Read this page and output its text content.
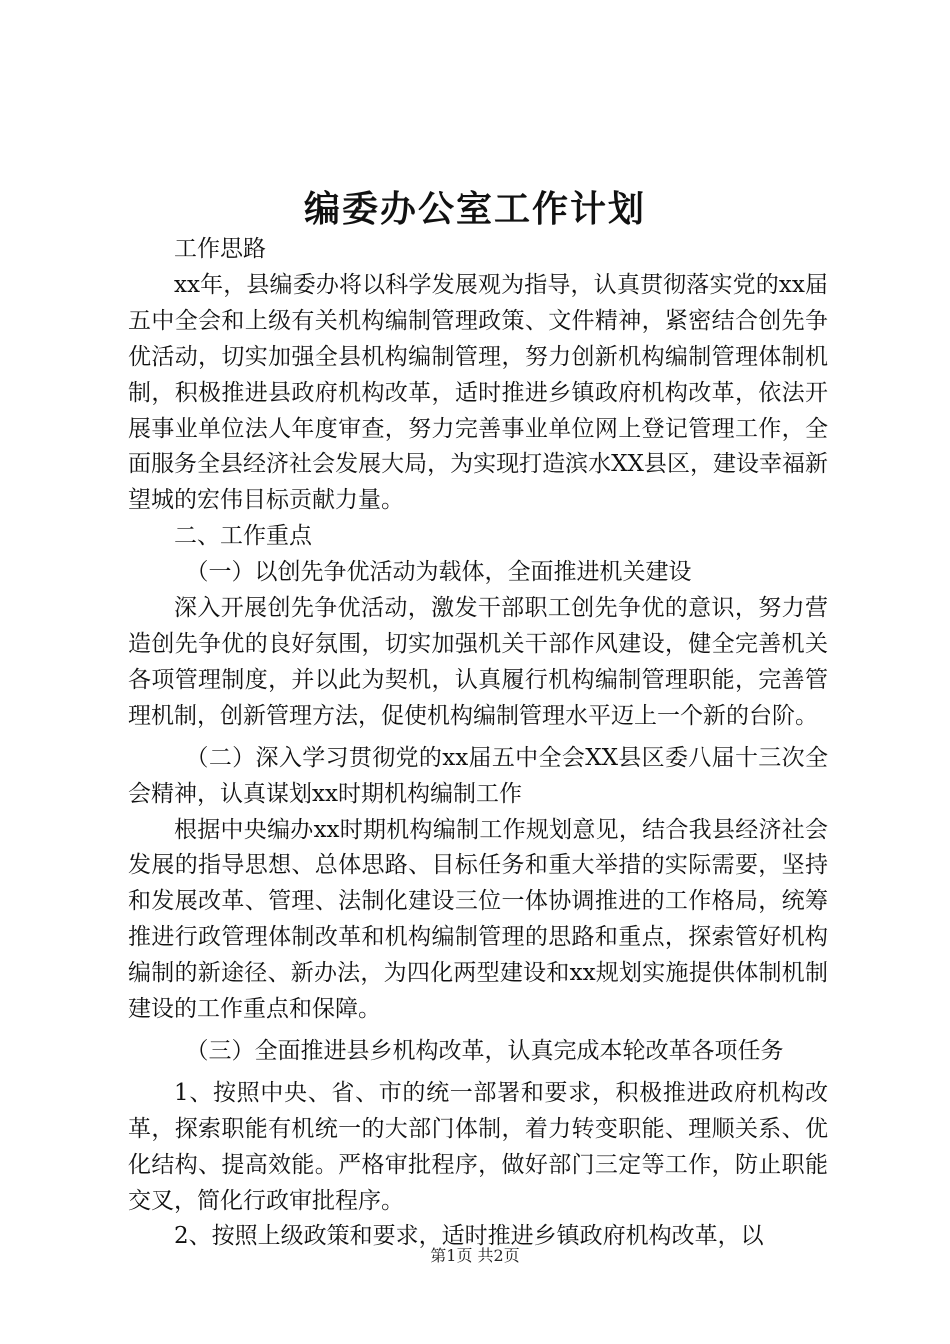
编委办公室工作计划

工作思路

xx年，县编委办将以科学发展观为指导，认真贯彻落实党的xx届五中全会和上级有关机构编制管理政策、文件精神，紧密结合创先争优活动，切实加强全县机构编制管理，努力创新机构编制管理体制机制，积极推进县政府机构改革，适时推进乡镇政府机构改革，依法开展事业单位法人年度审查，努力完善事业单位网上登记管理工作，全面服务全县经济社会发展大局，为实现打造滨水XX县区，建设幸福新望城的宏伟目标贡献力量。

二、工作重点

（一）以创先争优活动为载体，全面推进机关建设

深入开展创先争优活动，激发干部职工创先争优的意识，努力营造创先争优的良好氛围，切实加强机关干部作风建设，健全完善机关各项管理制度，并以此为契机，认真履行机构编制管理职能，完善管理机制，创新管理方法，促使机构编制管理水平迈上一个新的台阶。

（二）深入学习贯彻党的xx届五中全会XX县区委八届十三次全会精神，认真谋划xx时期机构编制工作

根据中央编办xx时期机构编制工作规划意见，结合我县经济社会发展的指导思想、总体思路、目标任务和重大举措的实际需要，坚持和发展改革、管理、法制化建设三位一体协调推进的工作格局，统筹推进行政管理体制改革和机构编制管理的思路和重点，探索管好机构编制的新途径、新办法，为四化两型建设和xx规划实施提供体制机制建设的工作重点和保障。

（三）全面推进县乡机构改革，认真完成本轮改革各项任务

1、按照中央、省、市的统一部署和要求，积极推进政府机构改革，探索职能有机统一的大部门体制，着力转变职能、理顺关系、优化结构、提高效能。严格审批程序，做好部门三定等工作，防止职能交叉，简化行政审批程序。

2、按照上级政策和要求，适时推进乡镇政府机构改革，以

第1页 共2页
